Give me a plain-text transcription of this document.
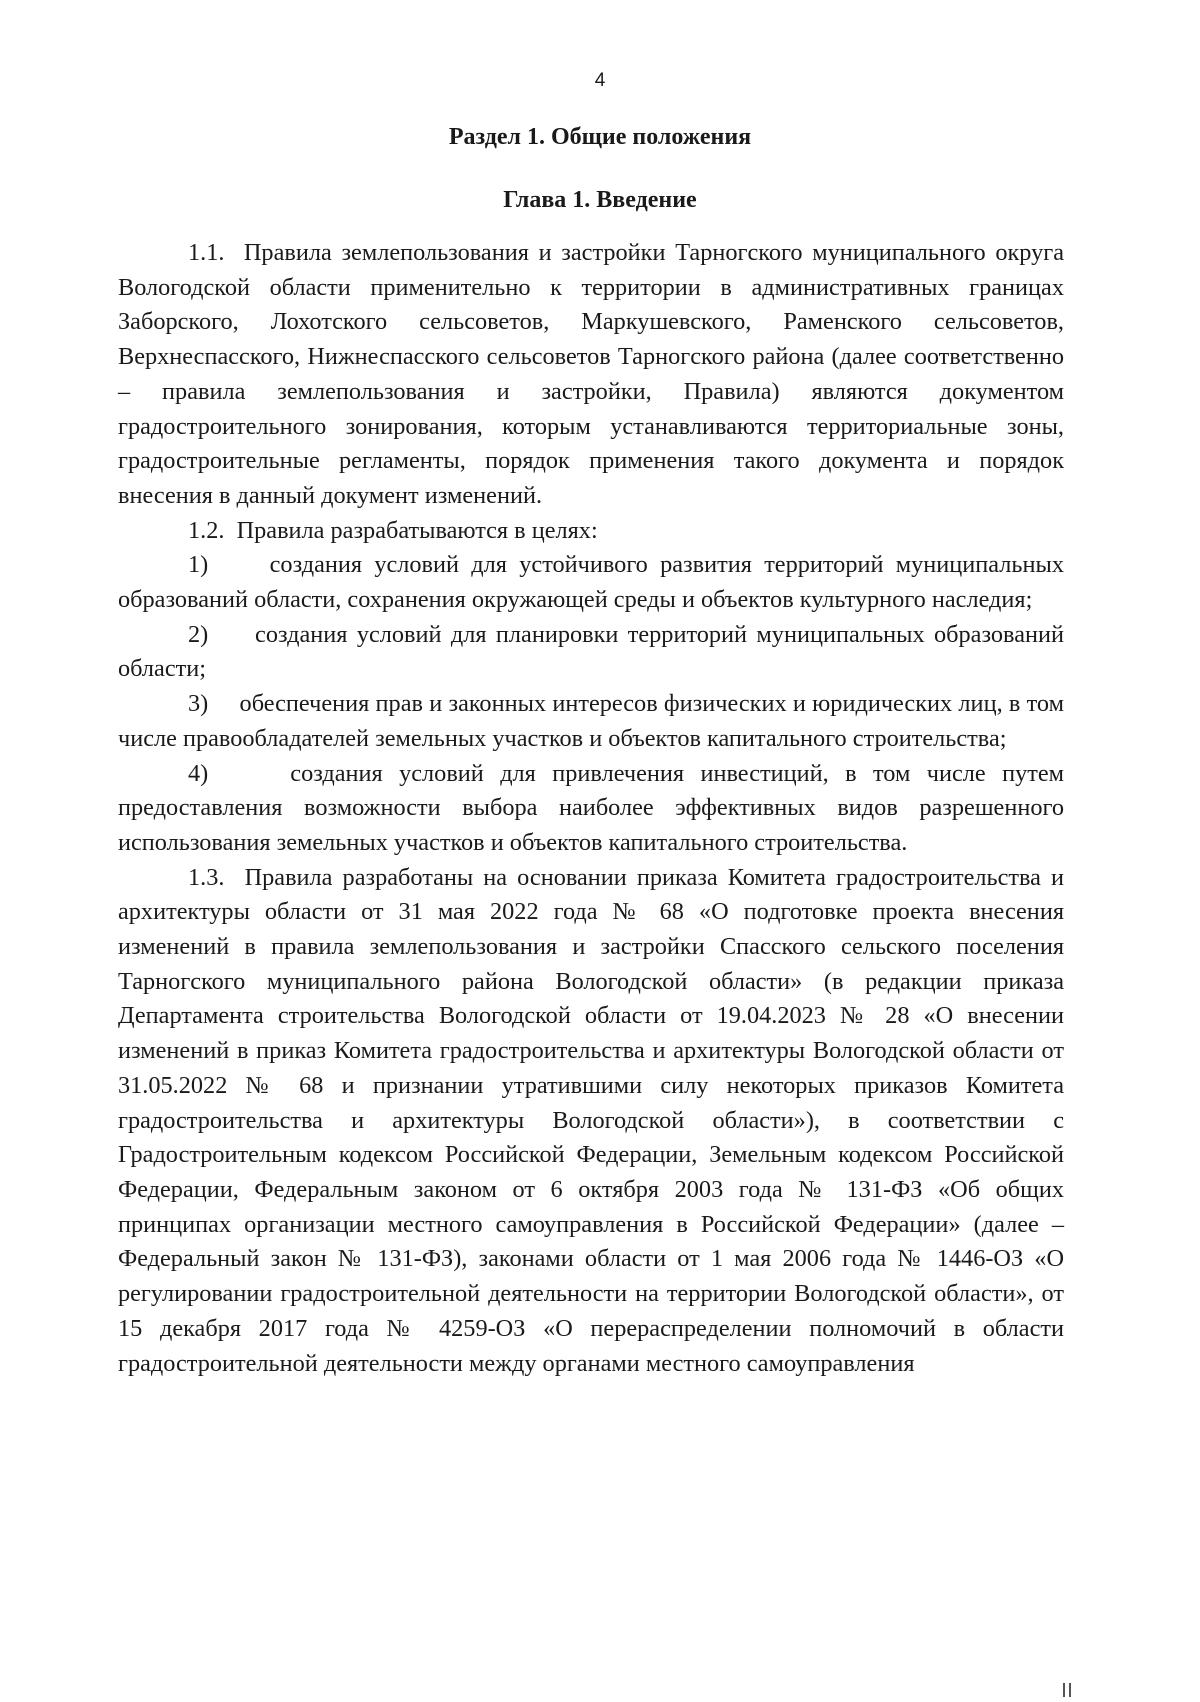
4
Раздел 1. Общие положения
Глава 1. Введение

1.1.  Правила землепользования и застройки Тарногского муниципального округа Вологодской области применительно к территории в административных границах Заборского, Лохотского сельсоветов, Маркушевского, Раменского сельсоветов, Верхнеспасского, Нижнеспасского сельсоветов Тарногского района (далее соответственно – правила землепользования и застройки, Правила) являются документом градостроительного зонирования, которым устанавливаются территориальные зоны, градостроительные регламенты, порядок применения такого документа и порядок внесения в данный документ изменений.

1.2.  Правила разрабатываются в целях:

1)     создания условий для устойчивого развития территорий муниципальных образований области, сохранения окружающей среды и объектов культурного наследия;

2)     создания условий для планировки территорий муниципальных образований области;

3)     обеспечения прав и законных интересов физических и юридических лиц, в том числе правообладателей земельных участков и объектов капитального строительства;

4)     создания условий для привлечения инвестиций, в том числе путем предоставления возможности выбора наиболее эффективных видов разрешенного использования земельных участков и объектов капитального строительства.

1.3.  Правила разработаны на основании приказа Комитета градостроительства и архитектуры области от 31 мая 2022 года № 68 «О подготовке проекта внесения изменений в правила землепользования и застройки Спасского сельского поселения Тарногского муниципального района Вологодской области» (в редакции приказа Департамента строительства Вологодской области от 19.04.2023 № 28 «О внесении изменений в приказ Комитета градостроительства и архитектуры Вологодской области от 31.05.2022 № 68 и признании утратившими силу некоторых приказов Комитета градостроительства и архитектуры Вологодской области»), в соответствии с Градостроительным кодексом Российской Федерации, Земельным кодексом Российской Федерации, Федеральным законом от 6 октября 2003 года № 131-ФЗ «Об общих принципах организации местного самоуправления в Российской Федерации» (далее – Федеральный закон № 131-ФЗ), законами области от 1 мая 2006 года № 1446-ОЗ «О регулировании градостроительной деятельности на территории Вологодской области», от 15 декабря 2017 года № 4259-ОЗ «О перераспределении полномочий в области градостроительной деятельности между органами местного самоуправления
